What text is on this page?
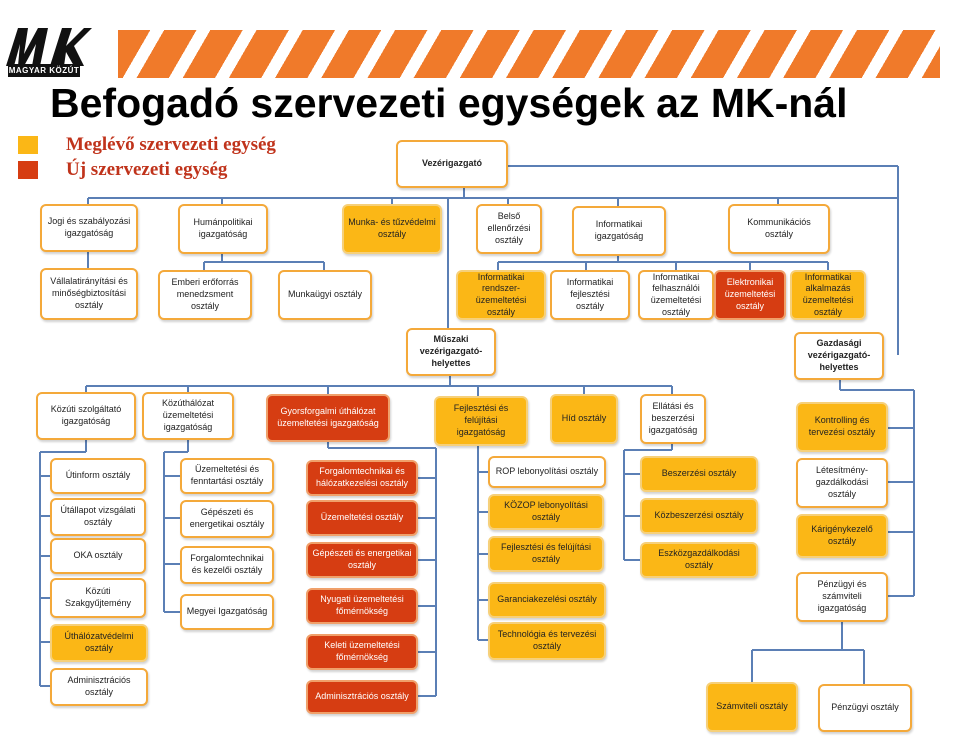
MAGYAR KÖZÚT
Befogadó szervezeti egységek az MK-nál
Meglévő szervezeti egység
Új szervezeti egység	Vezérigazgató
Jogi és szabályozási igazgatóság
Humánpolitikai igazgatóság
Munka- és tűzvédelmi osztály
Belső ellenőrzési osztály
Informatikai igazgatóság
Kommunikációs osztály
Vállalatirányítási és minőségbiztosítási osztály
Emberi erőforrás menedzsment osztály
Munkaügyi osztály
Informatikai rendszer-üzemeltetési osztály
Informatikai fejlesztési osztály
Informatikai felhasználói üzemeltetési osztály
Elektronikai üzemeltetési osztály
Informatikai alkalmazás üzemeltetési osztály
Műszaki vezérigazgató-helyettes
Gazdasági vezérigazgató-helyettes
Közúti szolgáltató igazgatóság
Közúthálózat üzemeltetési igazgatóság
Gyorsforgalmi úthálózat üzemeltetési igazgatóság
Fejlesztési és felújítási igazgatóság
Híd osztály
Ellátási és beszerzési igazgatóság
Útinform osztály
Útállapot vizsgálati osztály
OKA osztály
Közúti Szakgyűjtemény
Úthálózatvédelmi osztály
Adminisztrációs osztály
Üzemeltetési és fenntartási osztály
Gépészeti és energetikai osztály
Forgalomtechnikai és kezelői osztály
Megyei Igazgatóság
Forgalomtechnikai és hálózatkezelési osztály
Üzemeltetési osztály
Gépészeti és energetikai osztály
Nyugati üzemeltetési főmérnökség
Keleti üzemeltetési főmérnökség
Adminisztrációs osztály
ROP lebonyolítási osztály
KÖZOP lebonyolítási osztály
Fejlesztési és felújítási osztály
Garanciakezelési osztály
Technológia és tervezési osztály
Beszerzési osztály
Közbeszerzési osztály
Eszközgazdálkodási osztály
Kontrolling és tervezési osztály
Létesítmény-gazdálkodási osztály
Kárigénykezelő osztály
Pénzügyi és számviteli igazgatóság
Számviteli osztály	Pénzügyi osztály
